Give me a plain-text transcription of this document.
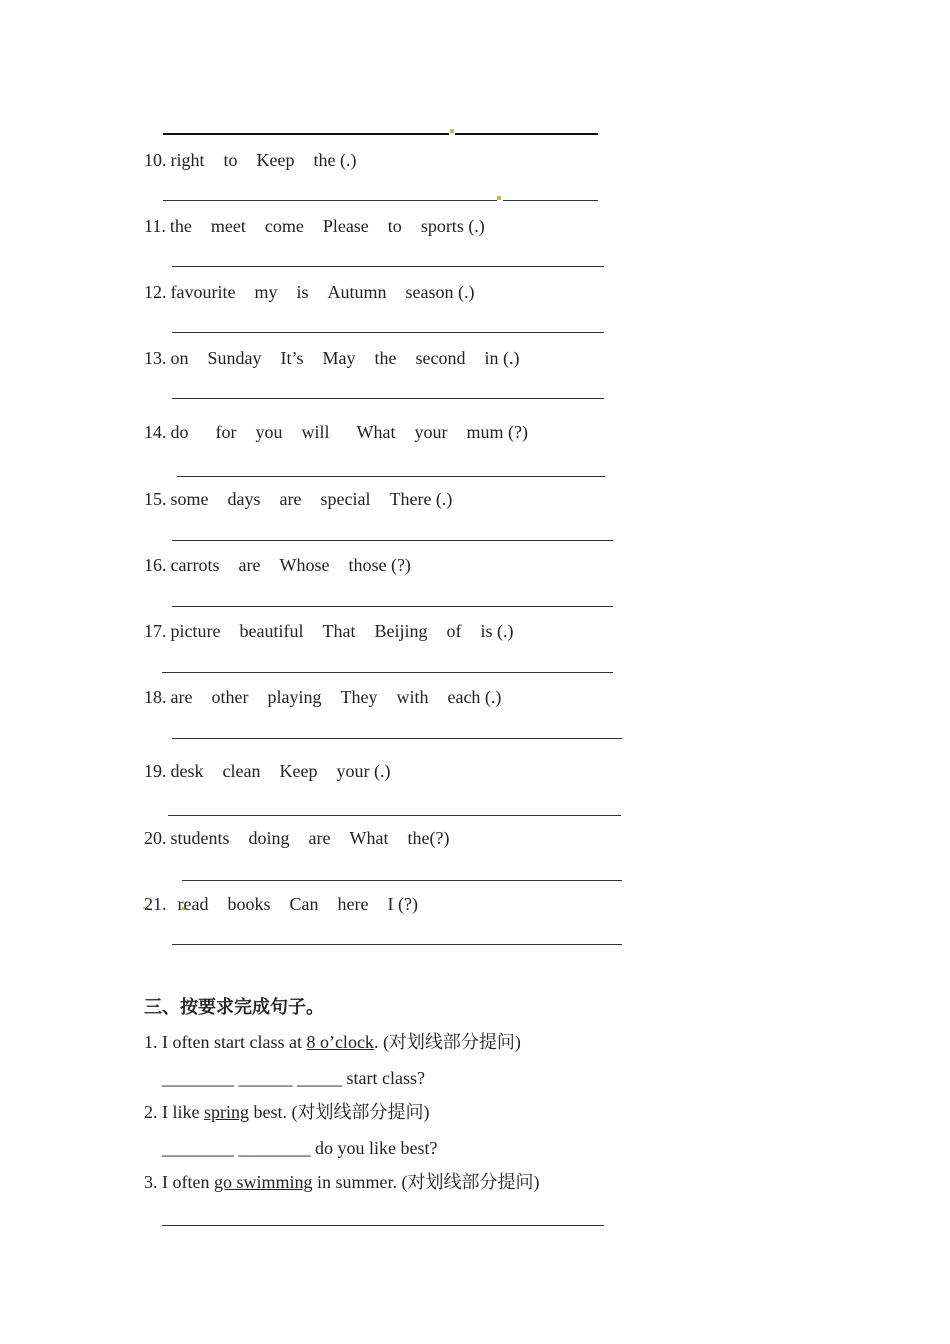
10. right to Keep the (.)
11. the meet come Please to sports (.)
12. favourite my is Autumn season (.)
13. on Sunday It’s May the second in (.)
14. do for you will What your mum (?)
15. some days are special There (.)
16. carrots are Whose those (?)
17. picture beautiful That Beijing of is (.)
18. are other playing They with each (.)
19. desk clean Keep your (.)
20. students doing are What the(?)
21. read books Can here I (?)
三、按要求完成句子。
1. I often start class at 8 o’clock. (对划线部分提问)
________ ______ _____ start class?
2. I like spring best. (对划线部分提问)
________ ________ do you like best?
3. I often go swimming in summer. (对划线部分提问)
